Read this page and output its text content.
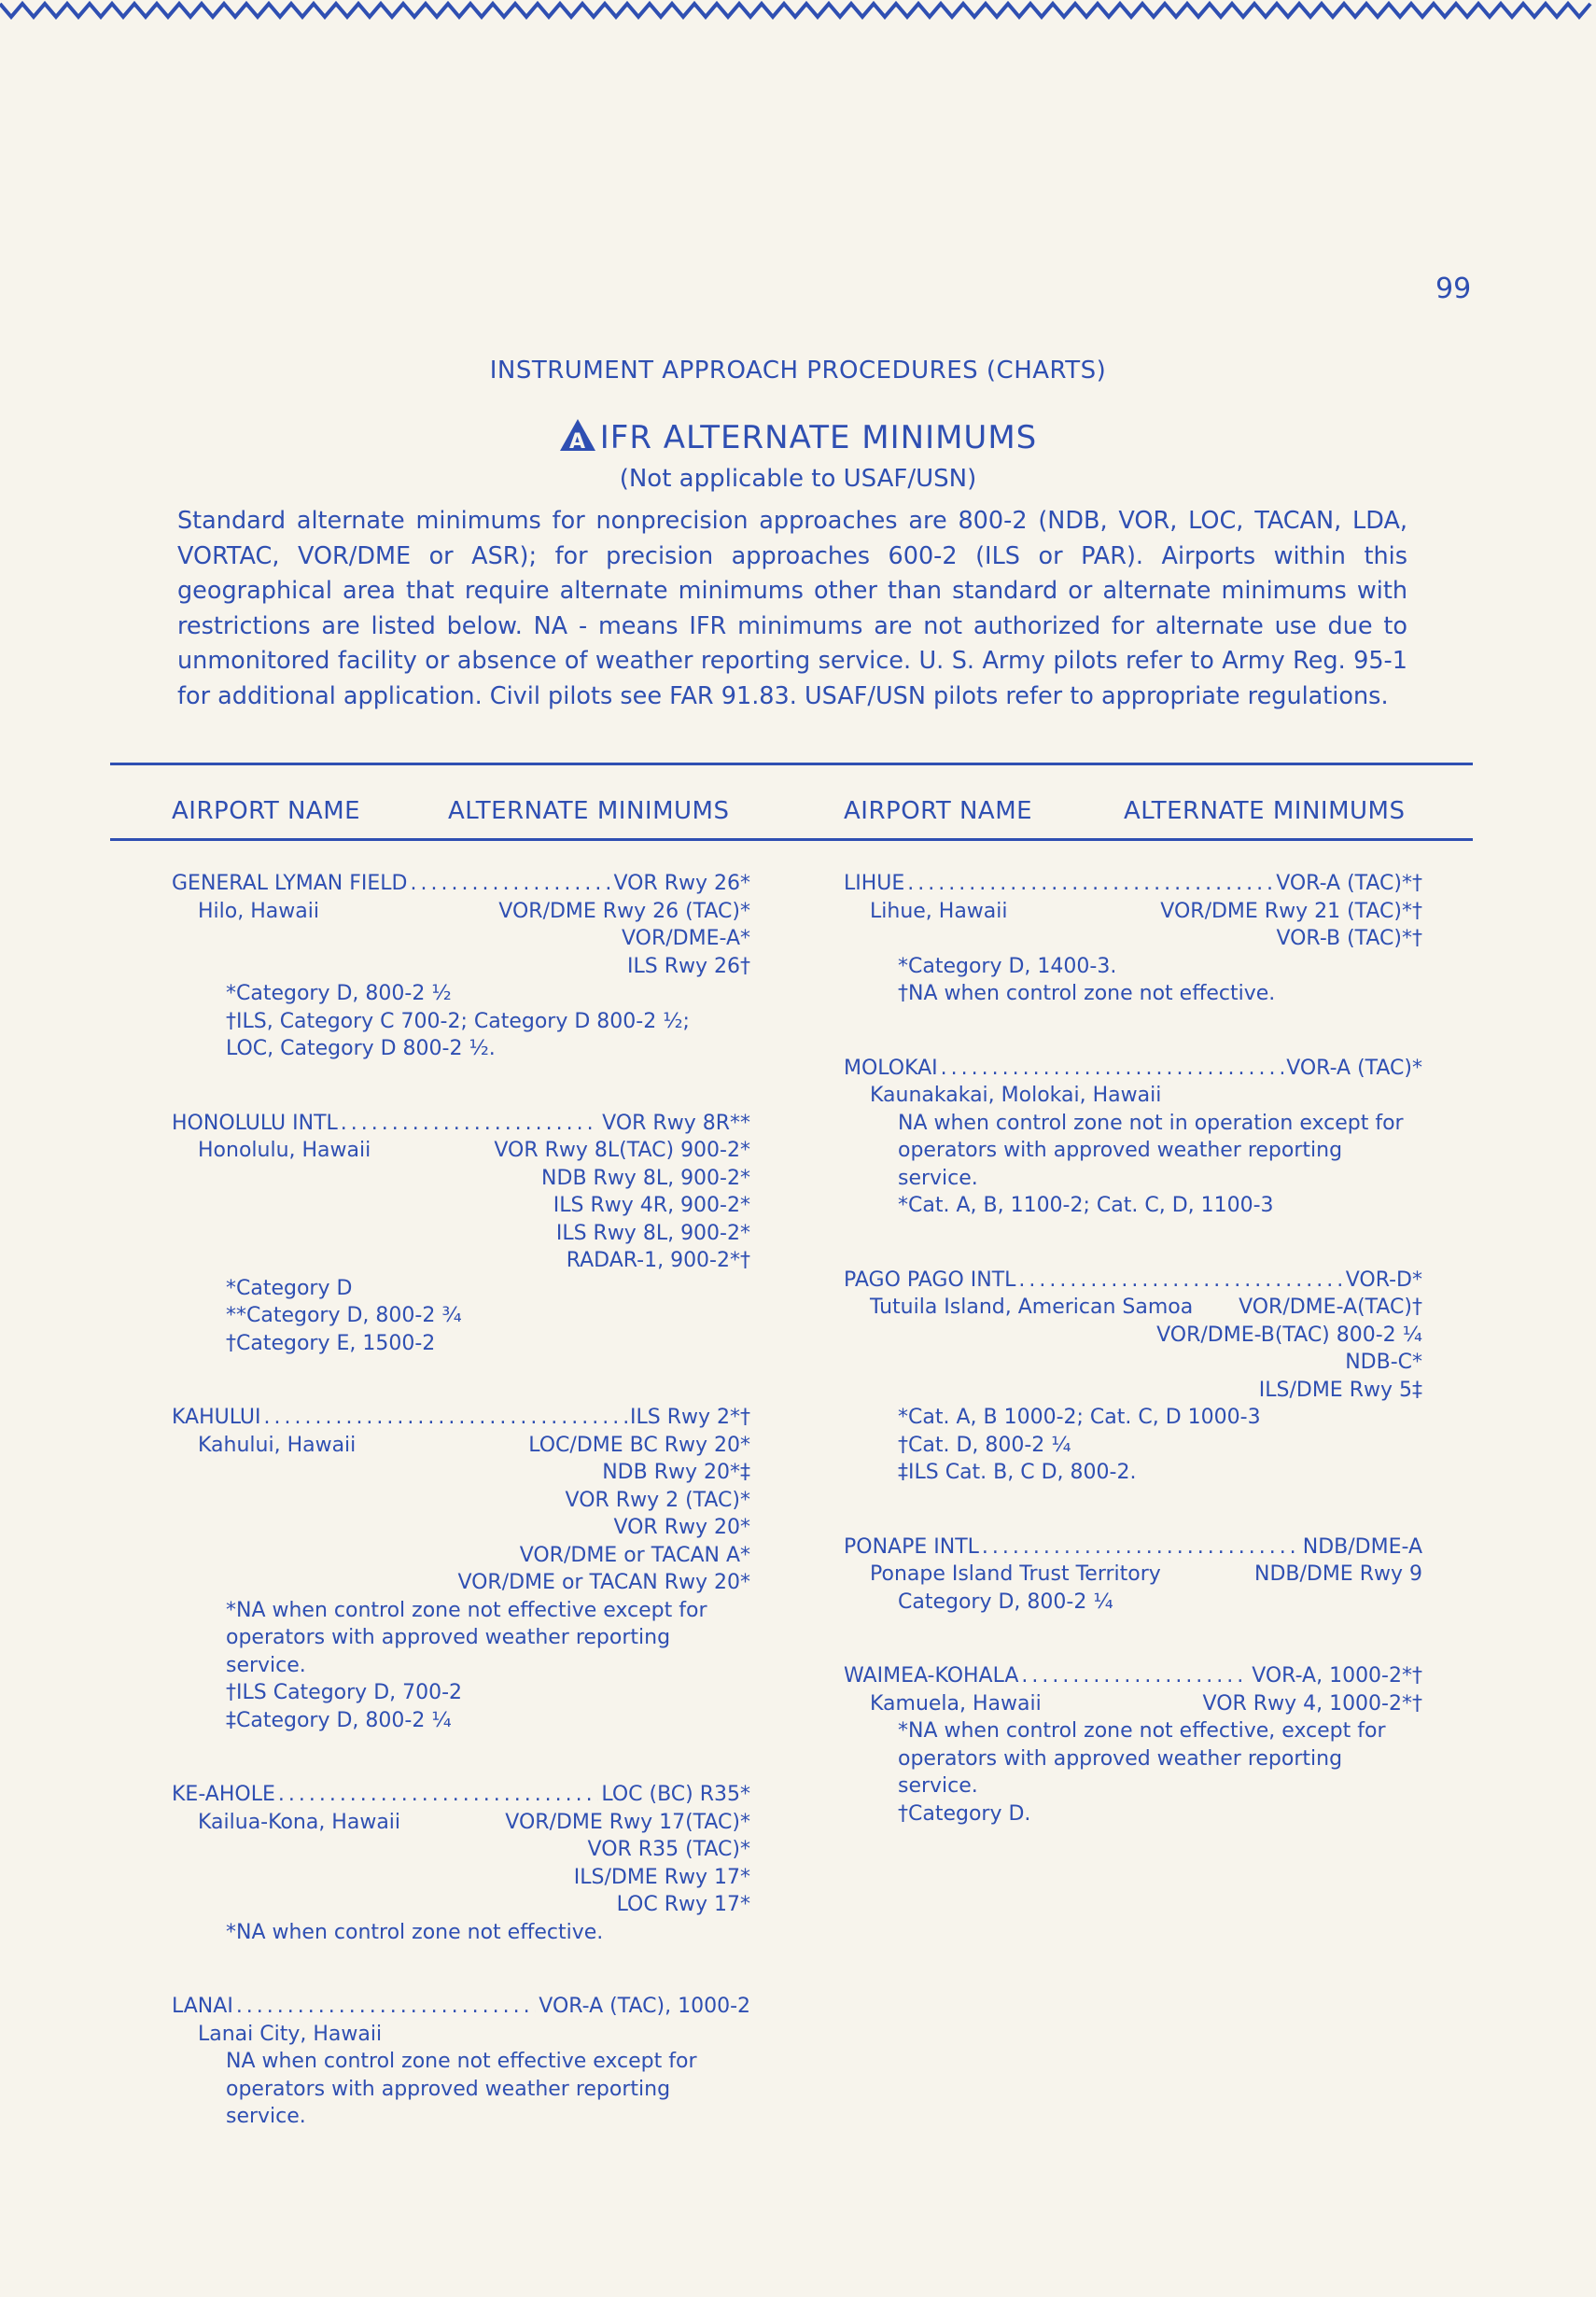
99
INSTRUMENT APPROACH PROCEDURES (CHARTS)
A IFR ALTERNATE MINIMUMS
(Not applicable to USAF/USN)
Standard alternate minimums for nonprecision approaches are 800-2 (NDB, VOR, LOC, TACAN, LDA, VORTAC, VOR/DME or ASR); for precision approaches 600-2 (ILS or PAR). Airports within this geographical area that require alternate minimums other than standard or alternate minimums with restrictions are listed below. NA - means IFR minimums are not authorized for alternate use due to unmonitored facility or absence of weather reporting service. U. S. Army pilots refer to Army Reg. 95-1 for additional application. Civil pilots see FAR 91.83. USAF/USN pilots refer to appropriate regulations.
AIRPORT NAME	ALTERNATE MINIMUMS	AIRPORT NAME	ALTERNATE MINIMUMS
GENERAL LYMAN FIELD .....	VOR Rwy 26*
Hilo, Hawaii	VOR/DME Rwy 26 (TAC)*
VOR/DME-A*
ILS Rwy 26†
*Category D, 800-2 ½
†ILS, Category C 700-2; Category D 800-2 ½;
LOC, Category D 800-2 ½.
HONOLULU INTL .....	VOR Rwy 8R**
Honolulu, Hawaii	VOR Rwy 8L(TAC) 900-2*
NDB Rwy 8L, 900-2*
ILS Rwy 4R, 900-2*
ILS Rwy 8L, 900-2*
RADAR-1, 900-2*†
*Category D
**Category D, 800-2 ¾
†Category E, 1500-2
KAHULUI .....	ILS Rwy 2*†
Kahului, Hawaii	LOC/DME BC Rwy 20*
NDB Rwy 20*‡
VOR Rwy 2 (TAC)*
VOR Rwy 20*
VOR/DME or TACAN A*
VOR/DME or TACAN Rwy 20*
*NA when control zone not effective except for operators with approved weather reporting service.
†ILS Category D, 700-2
‡Category D, 800-2 ¼
KE-AHOLE .....	LOC (BC) R35*
Kailua-Kona, Hawaii	VOR/DME Rwy 17(TAC)*
VOR R35 (TAC)*
ILS/DME Rwy 17*
LOC Rwy 17*
*NA when control zone not effective.
LANAI .....	VOR-A (TAC), 1000-2
Lanai City, Hawaii
NA when control zone not effective except for operators with approved weather reporting service.
LIHUE .....	VOR-A (TAC)*†
Lihue, Hawaii	VOR/DME Rwy 21 (TAC)*†
VOR-B (TAC)*†
*Category D, 1400-3.
†NA when control zone not effective.
MOLOKAI .....	VOR-A (TAC)*
Kaunakakai, Molokai, Hawaii
NA when control zone not in operation except for operators with approved weather reporting service.
*Cat. A, B, 1100-2; Cat. C, D, 1100-3
PAGO PAGO INTL .....	VOR-D*
Tutuila Island, American Samoa VOR/DME-A(TAC)†
VOR/DME-B(TAC) 800-2 ¼
NDB-C*
ILS/DME Rwy 5‡
*Cat. A, B 1000-2; Cat. C, D 1000-3
†Cat. D, 800-2 ¼
‡ILS Cat. B, C D, 800-2.
PONAPE INTL .....	NDB/DME-A
Ponape Island Trust Territory	NDB/DME Rwy 9
Category D, 800-2 ¼
WAIMEA-KOHALA .....	VOR-A, 1000-2*†
Kamuela, Hawaii	VOR Rwy 4, 1000-2*†
*NA when control zone not effective, except for operators with approved weather reporting service.
†Category D.
